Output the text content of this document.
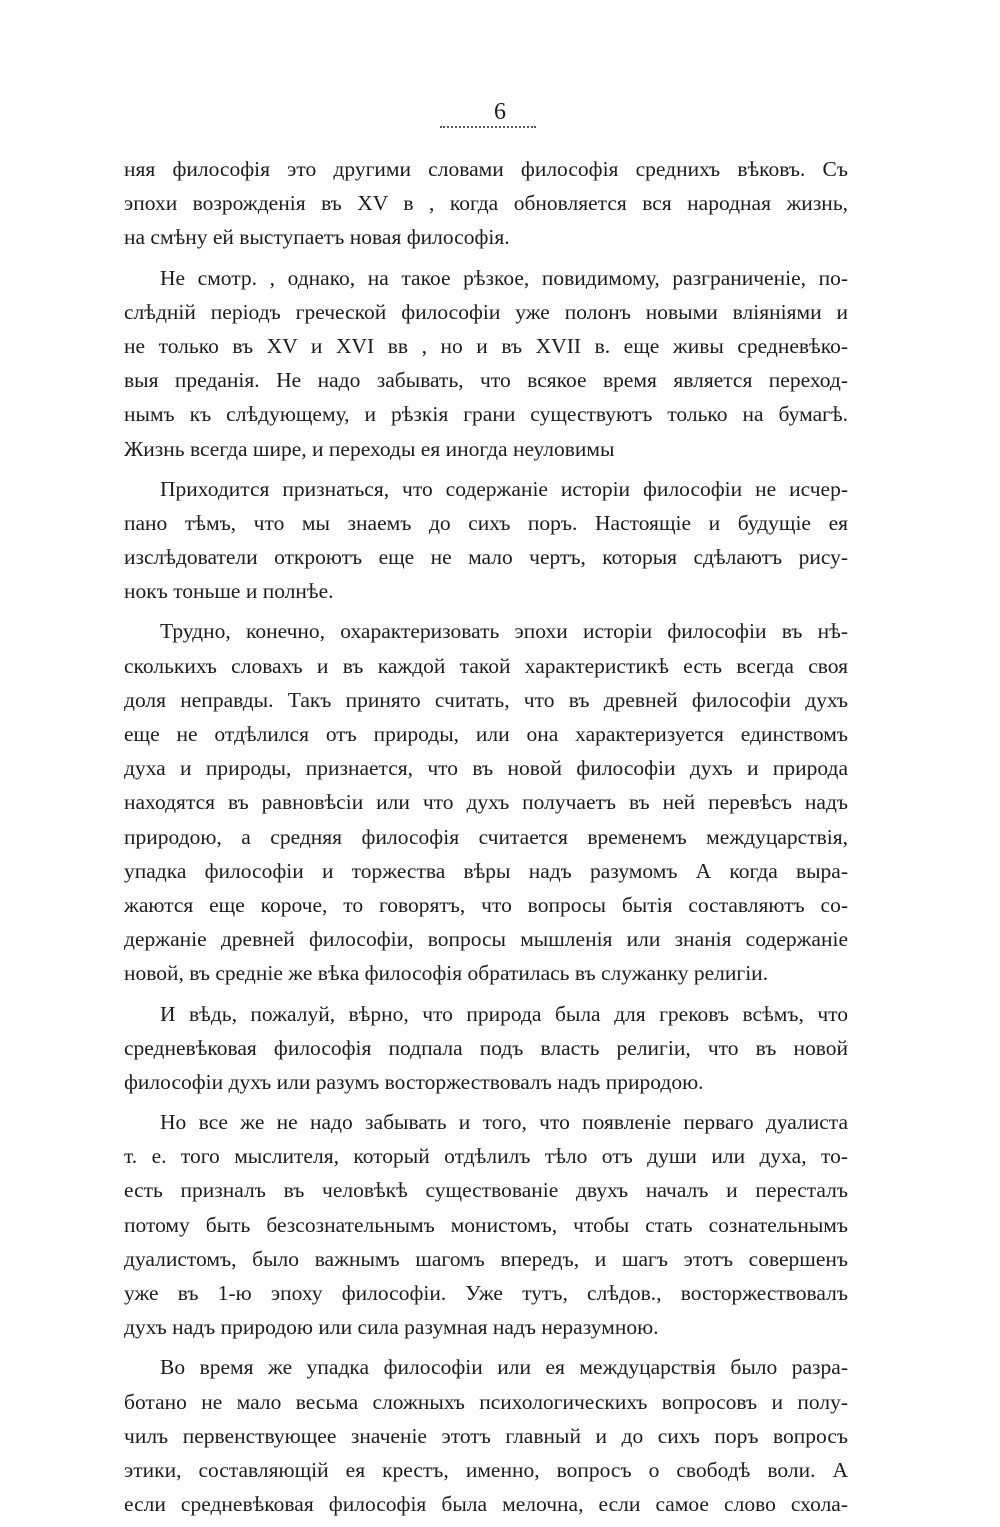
6
няя философія это другими словами философія среднихъ вѣковъ. Съ
эпохи возрожденія въ XV в , когда обновляется вся народная жизнь,
на смѣну ей выступаетъ новая философія.
Не смотр. , однако, на такое рѣзкое, повидимому, разграниченіе, по-
слѣдній періодъ греческой философіи уже полонъ новыми вліяніями и
не только въ XV и XVI вв , но и въ XVII в. еще живы средневѣко-
выя преданія. Не надо забывать, что всякое время является переход-
нымъ къ слѣдующему, и рѣзкія грани существуютъ только на бумагѣ.
Жизнь всегда шире, и переходы ея иногда неуловимы
Приходится признаться, что содержаніе исторіи философіи не исчер-
пано тѣмъ, что мы знаемъ до сихъ поръ. Настоящіе и будущіе ея
изслѣдователи откроютъ еще не мало чертъ, которыя сдѣлаютъ рису-
нокъ тоньше и полнѣе.
Трудно, конечно, охарактеризовать эпохи исторіи философіи въ нѣ-
сколькихъ словахъ и въ каждой такой характеристикѣ есть всегда своя
доля неправды. Такъ принято считать, что въ древней философіи духъ
еще не отдѣлился отъ природы, или она характеризуется единствомъ
духа и природы, признается, что въ новой философіи духъ и природа
находятся въ равновѣсіи или что духъ получаетъ въ ней перевѣсъ надъ
природою, а средняя философія считается временемъ междуцарствія,
упадка философіи и торжества вѣры надъ разумомъ А когда выра-
жаются еще короче, то говорятъ, что вопросы бытія составляютъ со-
держаніе древней философіи, вопросы мышленія или знанія содержаніе
новой, въ средніе же вѣка философія обратилась въ служанку религіи.
И вѣдь, пожалуй, вѣрно, что природа была для грековъ всѣмъ, что
средневѣковая философія подпала подъ власть религіи, что въ новой
философіи духъ или разумъ восторжествовалъ надъ природою.
Но все же не надо забывать и того, что появленіе перваго дуалиста
т. е. того мыслителя, который отдѣлилъ тѣло отъ души или духа, то-
есть призналъ въ человѣкѣ существованіе двухъ началъ и пересталъ
потому быть безсознательнымъ монистомъ, чтобы стать сознательнымъ
дуалистомъ, было важнымъ шагомъ впередъ, и шагъ этотъ совершенъ
уже въ 1-ю эпоху философіи. Уже тутъ, слѣдов., восторжествовалъ
духъ надъ природою или сила разумная надъ неразумною.
Во время же упадка философіи или ея междуцарствія было разра-
ботано не мало весьма сложныхъ психологическихъ вопросовъ и полу-
чилъ первенствующее значеніе этотъ главный и до сихъ поръ вопросъ
этики, составляющій ея крестъ, именно, вопросъ о свободѣ воли. А
если средневѣковая философія была мелочна, если самое слово схола-
